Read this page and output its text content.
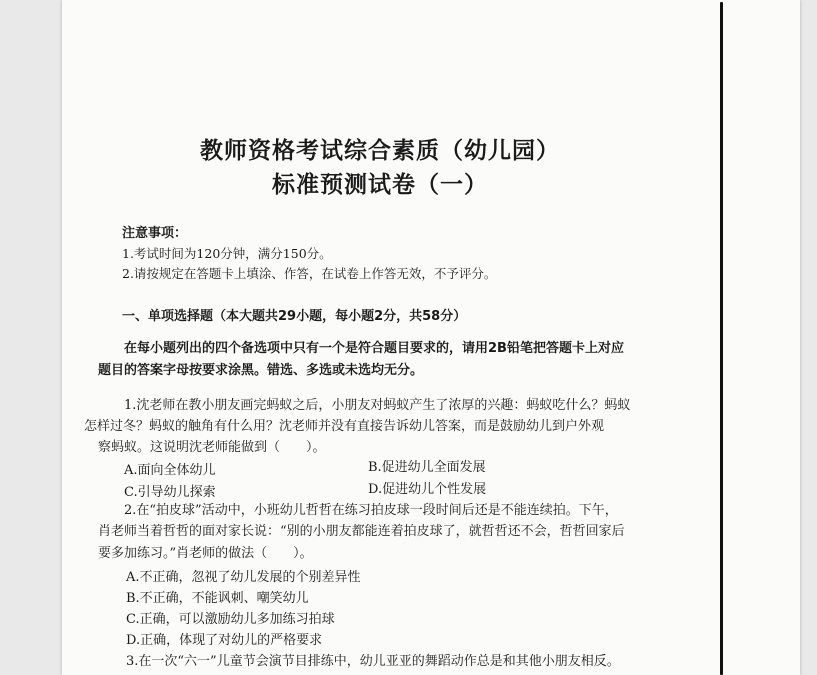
教师资格考试综合素质（幼儿园）
标准预测试卷（一）
注意事项：
1.考试时间为120分钟，满分150分。
2.请按规定在答题卡上填涂、作答，在试卷上作答无效，不予评分。
一、单项选择题（本大题共29小题，每小题2分，共58分）
在每小题列出的四个备选项中只有一个是符合题目要求的，请用2B铅笔把答题卡上对应
题目的答案字母按要求涂黑。错选、多选或未选均无分。
1.沈老师在教小朋友画完蚂蚁之后，小朋友对蚂蚁产生了浓厚的兴趣：蚂蚁吃什么？蚂蚁
怎样过冬？蚂蚁的触角有什么用？沈老师并没有直接告诉幼儿答案，而是鼓励幼儿到户外观
察蚂蚁。这说明沈老师能做到（　　）。
A.面向全体幼儿	B.促进幼儿全面发展
C.引导幼儿探索	D.促进幼儿个性发展
2.在“拍皮球”活动中，小班幼儿哲哲在练习拍皮球一段时间后还是不能连续拍。下午，
肖老师当着哲哲的面对家长说：“别的小朋友都能连着拍皮球了，就哲哲还不会，哲哲回家后
要多加练习。”肖老师的做法（　　）。
A.不正确，忽视了幼儿发展的个别差异性
B.不正确，不能讽刺、嘲笑幼儿
C.正确，可以激励幼儿多加练习拍球
D.正确，体现了对幼儿的严格要求
3.在一次“六一”儿童节会演节目排练中，幼儿亚亚的舞蹈动作总是和其他小朋友相反。
